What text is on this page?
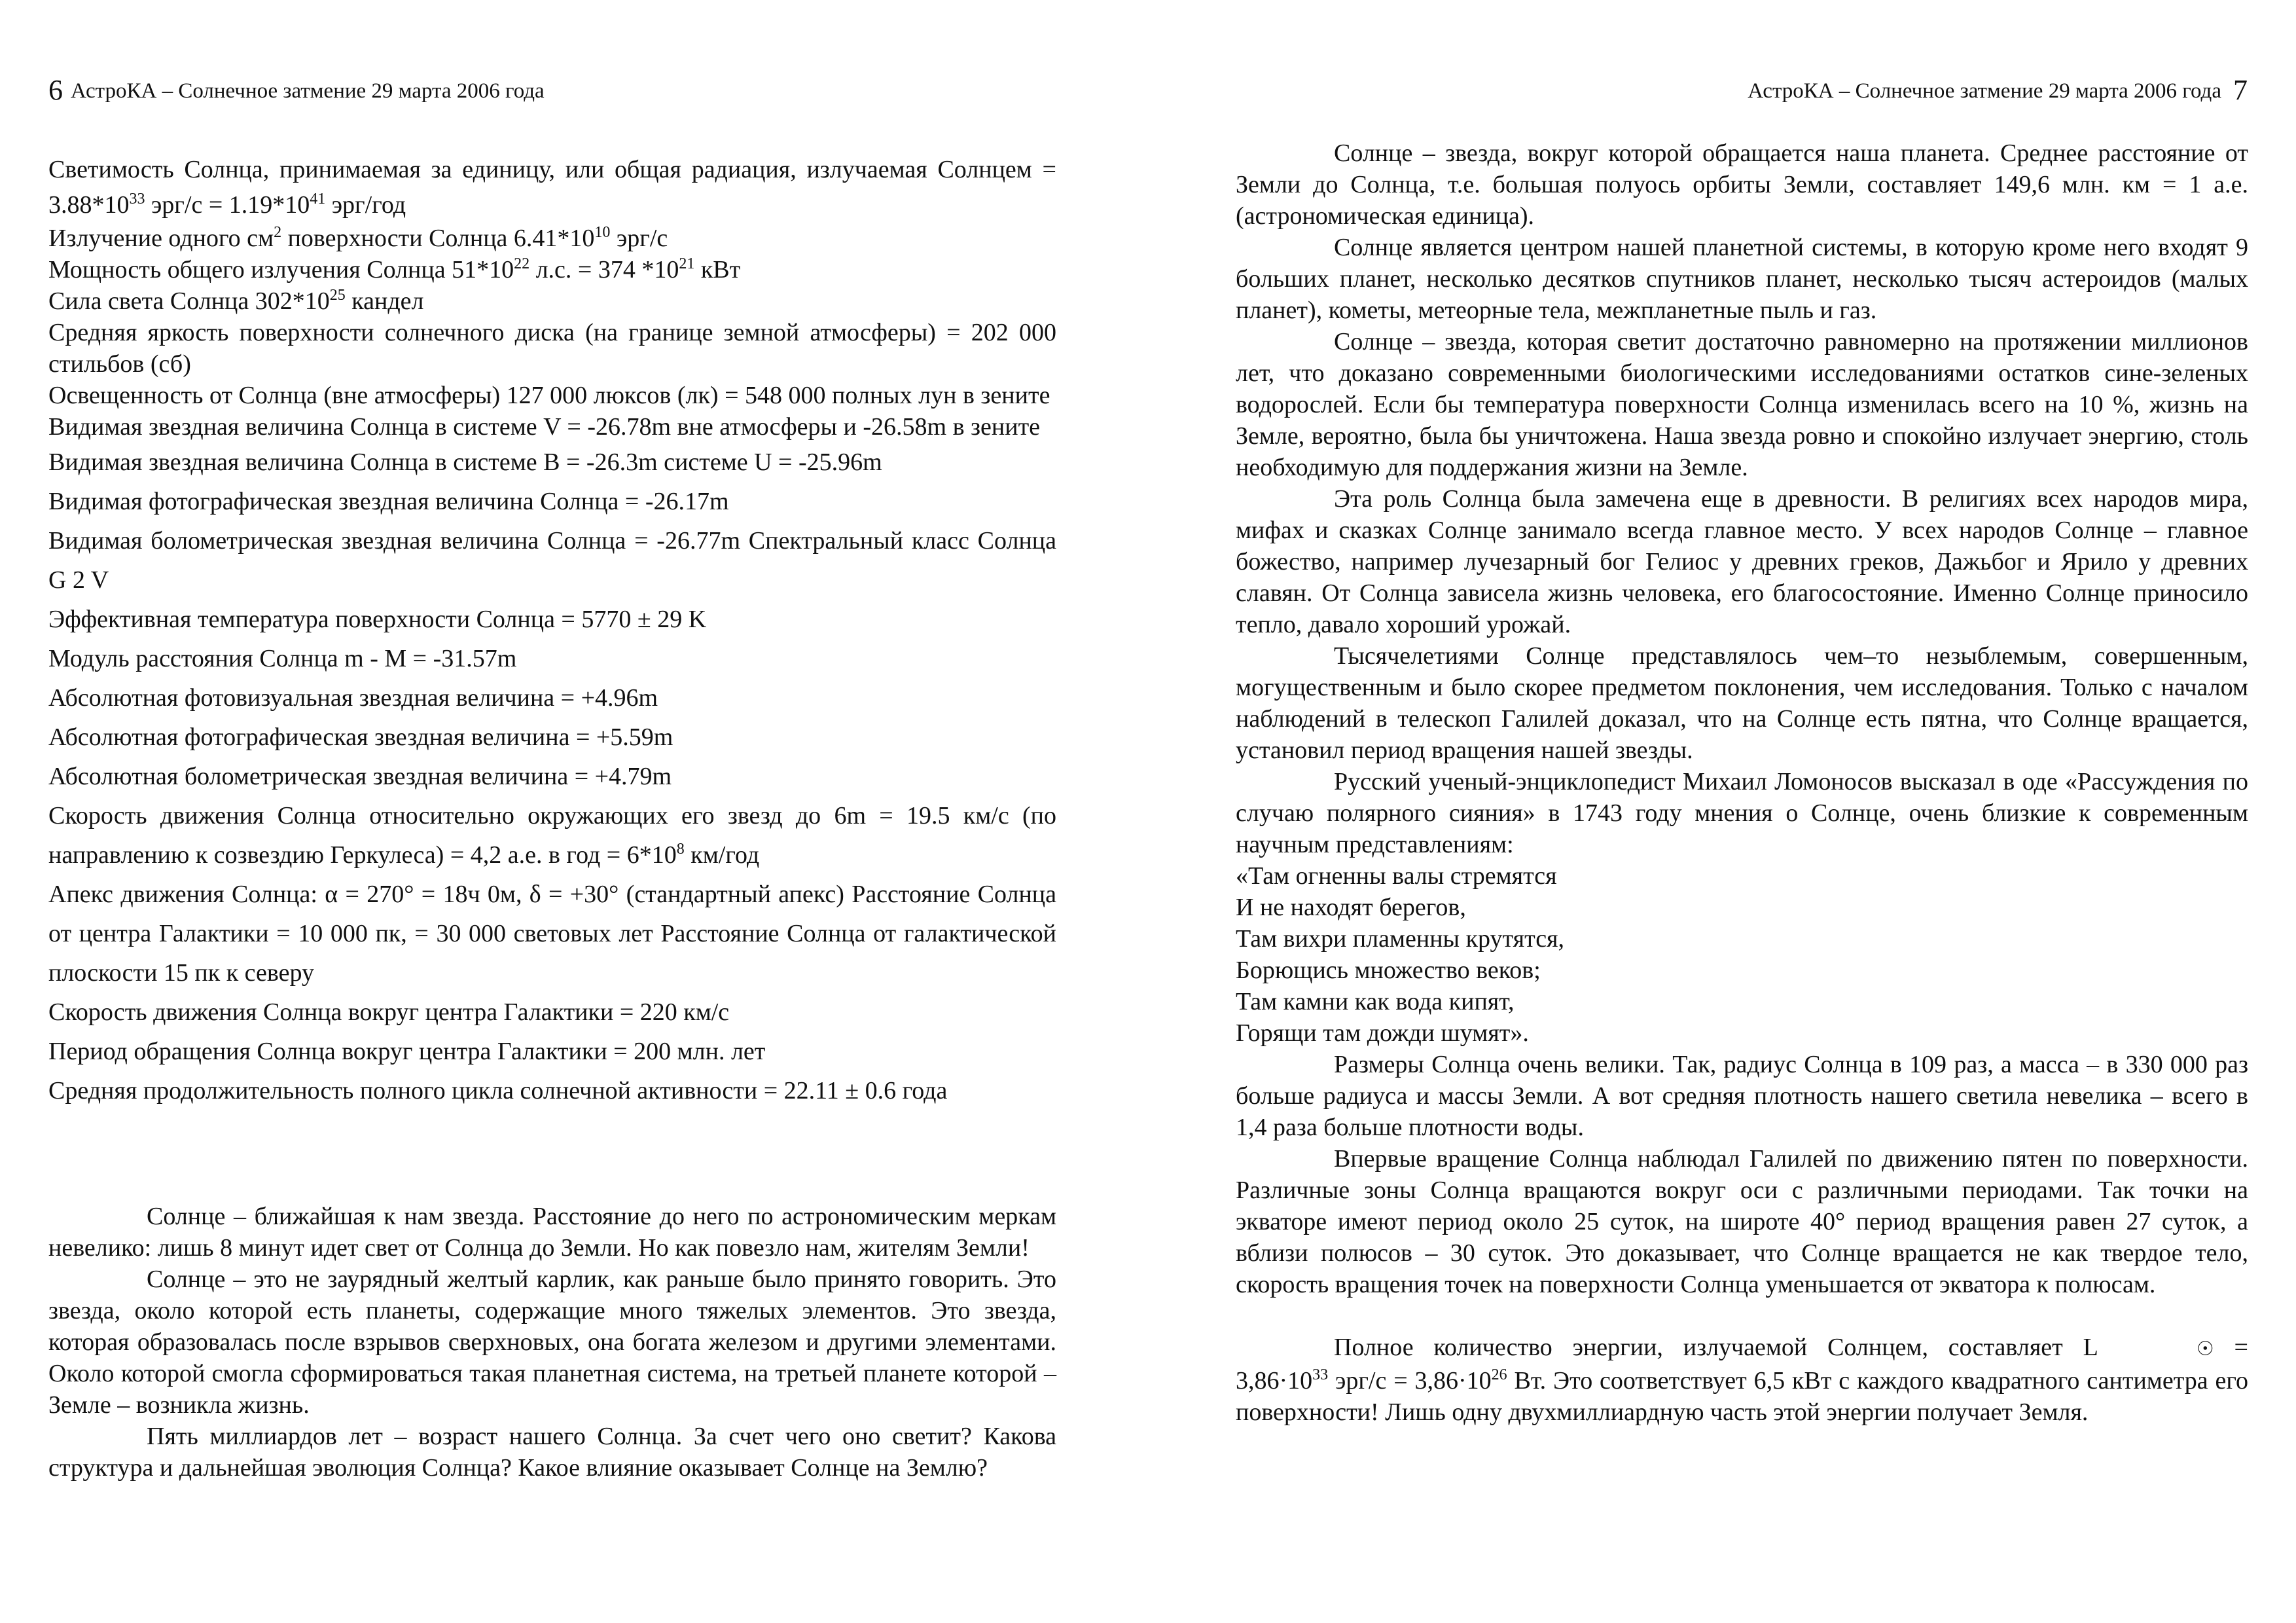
6 АстроКА – Солнечное затмение 29 марта 2006 года
Светимость Солнца, принимаемая за единицу, или общая радиация, излучаемая Солнцем = $3.88*10^{33}$ $эрг/с = 1.19*10^{41}$ эрг/год
Излучение одного $см^2$ поверхности Солнца $6.41*10^{10}$ эрг/с
Мощность общего излучения Солнца $51*10^{22}$ л.с. = 374 $*10^{21}$ кВт
Сила света Солнца $302*10^{25}$ кандел
Средняя яркость поверхности солнечного диска (на границе земной атмосферы) = 202 000 стильбов (сб)
Освещенность от Солнца (вне атмосферы) 127 000 люксов (лк) = 548 000 полных лун в зените
Видимая звездная величина Солнца в системе V = -26.78m вне атмосферы и -26.58m в зените
Видимая звездная величина Солнца в системе B = -26.3m системе U = -25.96m
Видимая фотографическая звездная величина Солнца = -26.17m
Видимая болометрическая звездная величина Солнца = -26.77m Спектральный класс Солнца G 2 V
Эффективная температура поверхности Солнца = 5770 ± 29 K
Модуль расстояния Солнца m - M = -31.57m
Абсолютная фотовизуальная звездная величина = +4.96m
Абсолютная фотографическая звездная величина = +5.59m
Абсолютная болометрическая звездная величина = +4.79m
Скорость движения Солнца относительно окружающих его звезд до 6m = 19.5 км/с (по направлению к созвездию Геркулеса) = 4,2 а.е. в год = $6*10^8$ км/год
Апекс движения Солнца: α = 270° = 18ч 0м, δ = +30° (стандартный апекс) Расстояние Солнца от центра Галактики = 10 000 пк, = 30 000 световых лет Расстояние Солнца от галактической плоскости 15 пк к северу
Скорость движения Солнца вокруг центра Галактики = 220 км/с
Период обращения Солнца вокруг центра Галактики = 200 млн. лет
Средняя продолжительность полного цикла солнечной активности = 22.11 ± 0.6 года
Солнце – ближайшая к нам звезда. Расстояние до него по астрономическим меркам невелико: лишь 8 минут идет свет от Солнца до Земли. Но как повезло нам, жителям Земли!
Солнце – это не заурядный желтый карлик, как раньше было принято говорить. Это звезда, около которой есть планеты, содержащие много тяжелых элементов. Это звезда, которая образовалась после взрывов сверхновых, она богата железом и другими элементами. Около которой смогла сформироваться такая планетная система, на третьей планете которой – Земле – возникла жизнь.
Пять миллиардов лет – возраст нашего Солнца. За счет чего оно светит? Какова структура и дальнейшая эволюция Солнца? Какое влияние оказывает Солнце на Землю?
АстроКА – Солнечное затмение 29 марта 2006 года 7
Солнце – звезда, вокруг которой обращается наша планета. Среднее расстояние от Земли до Солнца, т.е. большая полуось орбиты Земли, составляет 149,6 млн. км = 1 а.е. (астрономическая единица).
Солнце является центром нашей планетной системы, в которую кроме него входят 9 больших планет, несколько десятков спутников планет, несколько тысяч астероидов (малых планет), кометы, метеорные тела, межпланетные пыль и газ.
Солнце – звезда, которая светит достаточно равномерно на протяжении миллионов лет, что доказано современными биологическими исследованиями остатков сине-зеленых водорослей. Если бы температура поверхности Солнца изменилась всего на 10 %, жизнь на Земле, вероятно, была бы уничтожена. Наша звезда ровно и спокойно излучает энергию, столь необходимую для поддержания жизни на Земле.
Эта роль Солнца была замечена еще в древности. В религиях всех народов мира, мифах и сказках Солнце занимало всегда главное место. У всех народов Солнце – главное божество, например лучезарный бог Гелиос у древних греков, Дажьбог и Ярило у древних славян. От Солнца зависела жизнь человека, его благосостояние. Именно Солнце приносило тепло, давало хороший урожай.
Тысячелетиями Солнце представлялось чем–то незыблемым, совершенным, могущественным и было скорее предметом поклонения, чем исследования. Только с началом наблюдений в телескоп Галилей доказал, что на Солнце есть пятна, что Солнце вращается, установил период вращения нашей звезды.
Русский ученый-энциклопедист Михаил Ломоносов высказал в оде «Рассуждения по случаю полярного сияния» в 1743 году мнения о Солнце, очень близкие к современным научным представлениям:
«Там огненны валы стремятся
И не находят берегов,
Там вихри пламенны крутятся,
Борющись множество веков;
Там камни как вода кипят,
Горящи там дожди шумят».
Размеры Солнца очень велики. Так, радиус Солнца в 109 раз, а масса – в 330 000 раз больше радиуса и массы Земли. А вот средняя плотность нашего светила невелика – всего в 1,4 раза больше плотности воды.
Впервые вращение Солнца наблюдал Галилей по движению пятен по поверхности. Различные зоны Солнца вращаются вокруг оси с различными периодами. Так точки на экваторе имеют период около 25 суток, на широте 40° период вращения равен 27 суток, а вблизи полюсов – 30 суток. Это доказывает, что Солнце вращается не как твердое тело, скорость вращения точек на поверхности Солнца уменьшается от экватора к полюсам.
Полное количество энергии, излучаемой Солнцем, составляет L	☉ = $3,86\cdot 10^{33}$ $эрг/с = 3,86\cdot 10^{26}$ Вт. Это соответствует 6,5 кВт с каждого квадратного сантиметра его поверхности! Лишь одну двухмиллиардную часть этой энергии получает Земля.
